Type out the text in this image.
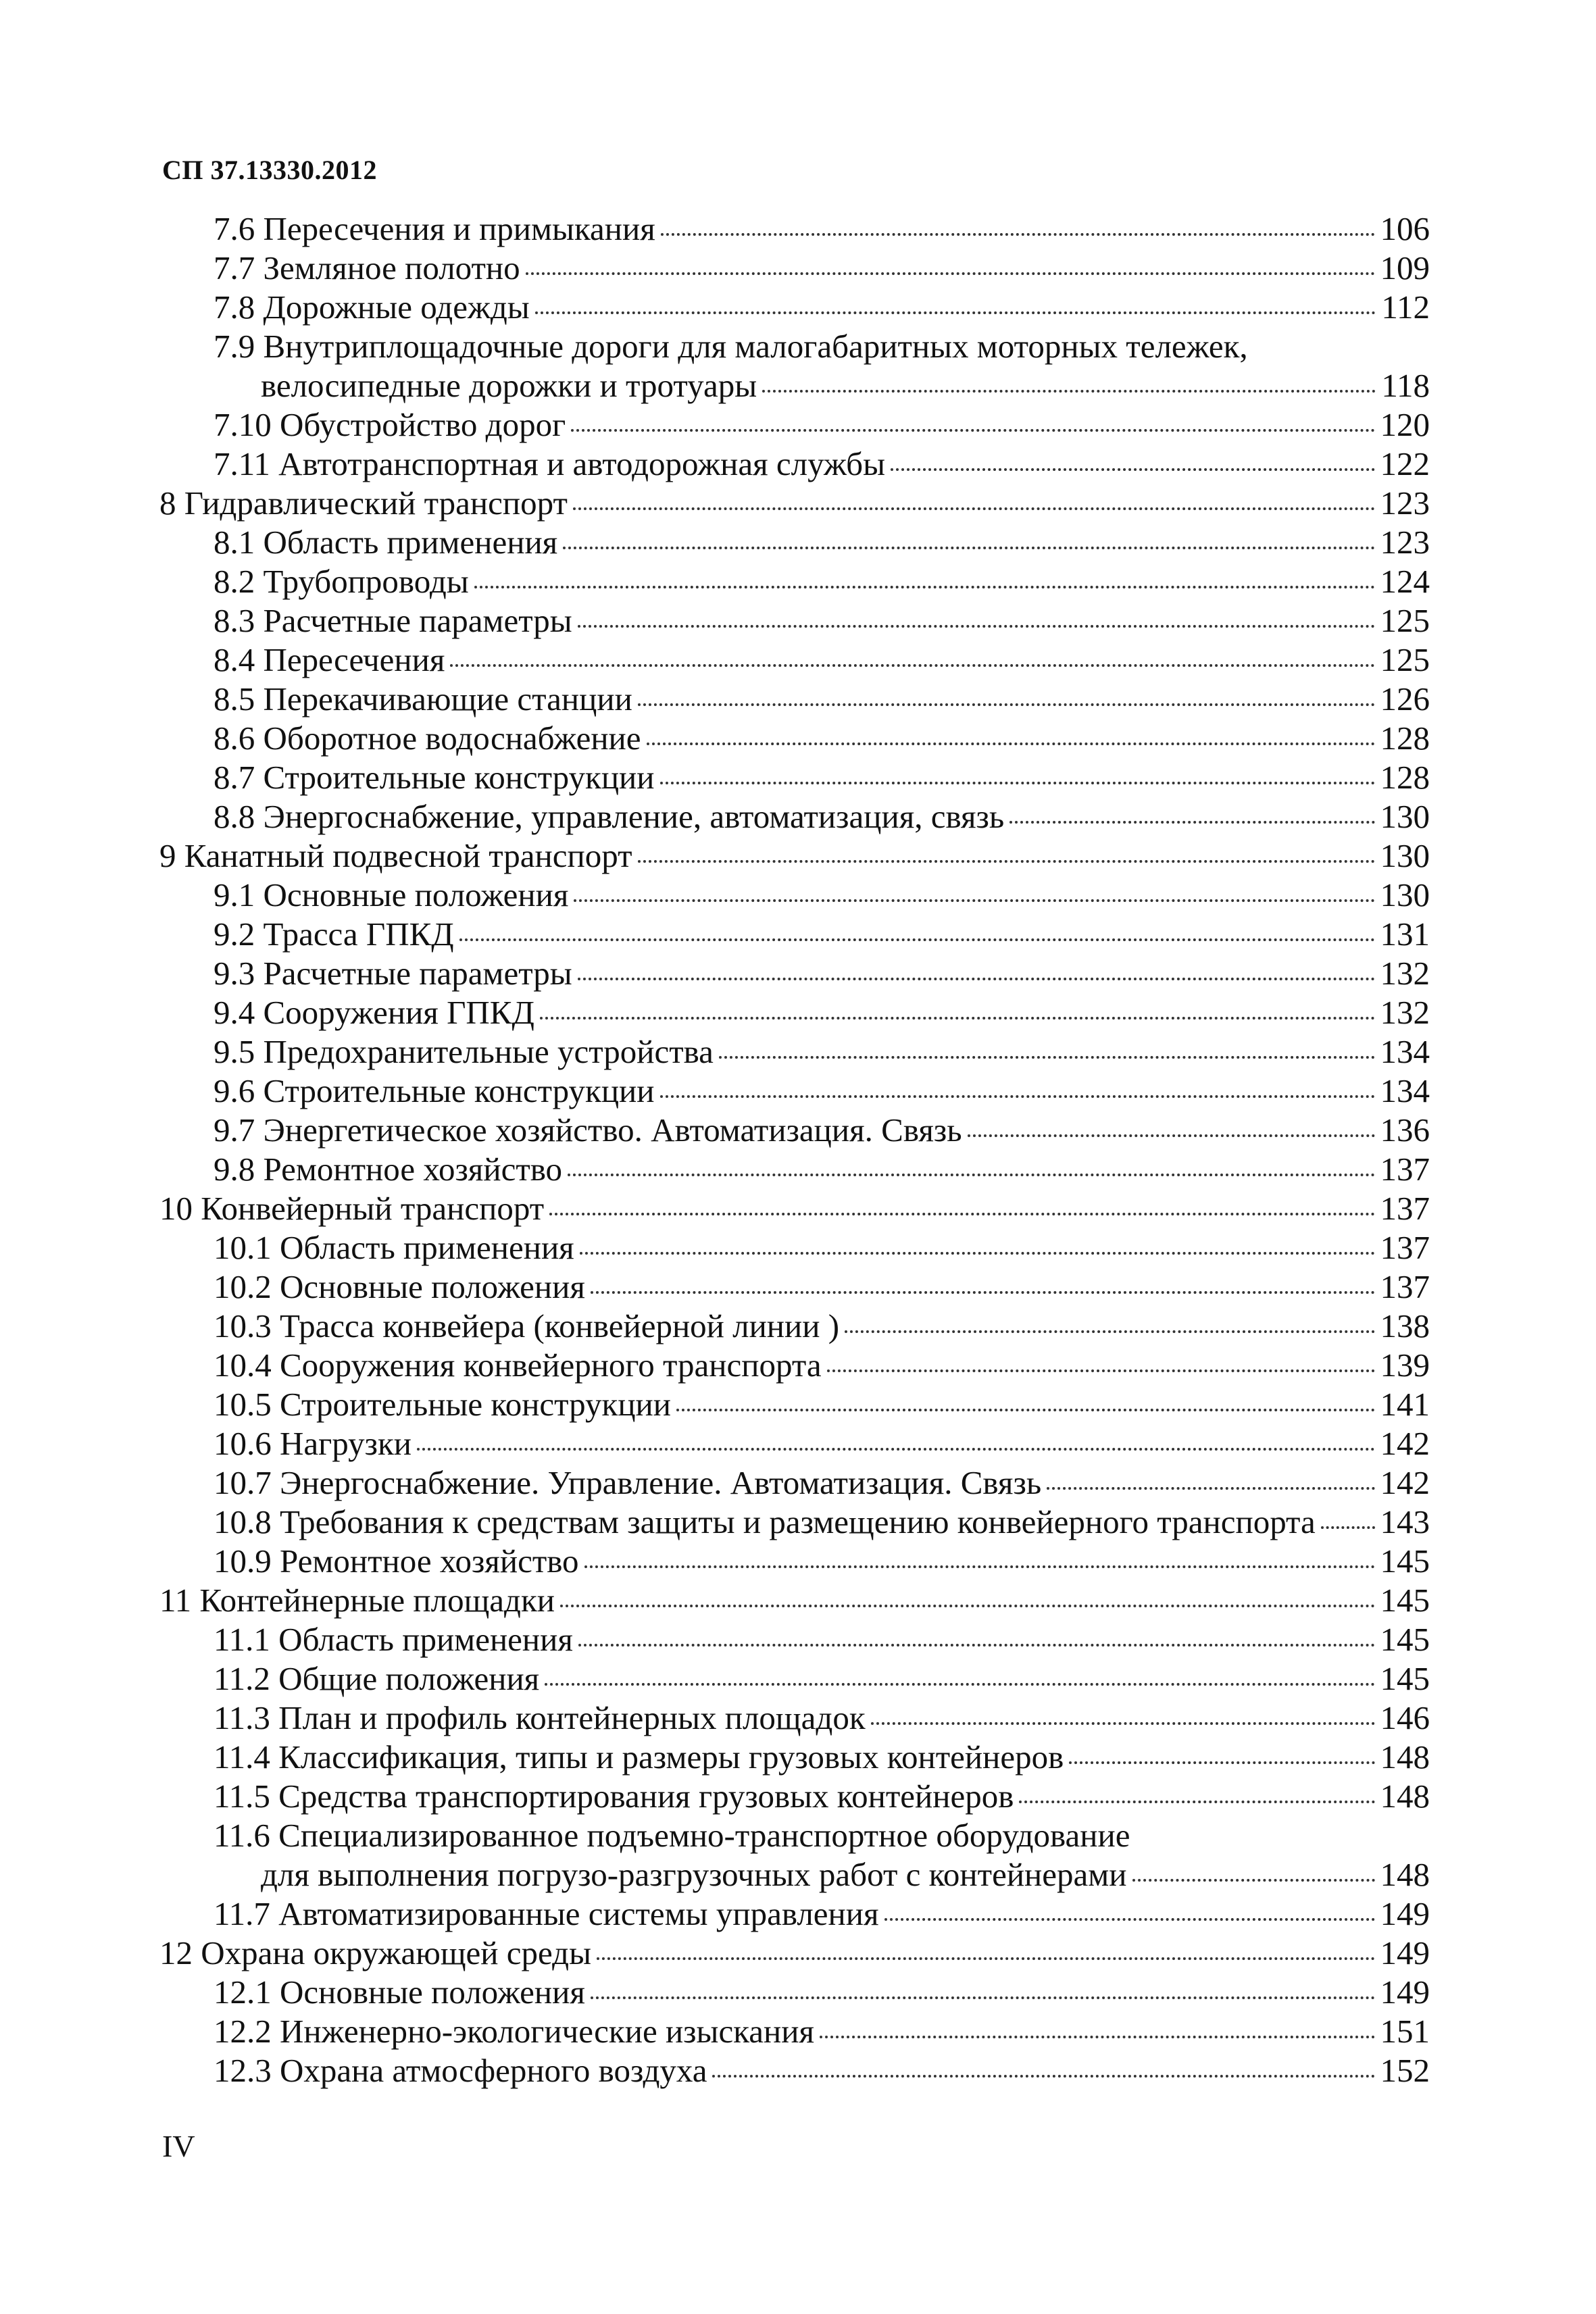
СП 37.13330.2012
7.6 Пересечения и примыкания	106
7.7 Земляное полотно	109
7.8 Дорожные одежды	112
7.9 Внутриплощадочные дороги для малогабаритных моторных тележек,
велосипедные дорожки и тротуары	118
7.10 Обустройство дорог	120
7.11 Автотранспортная и автодорожная службы	122
8 Гидравлический транспорт	123
8.1 Область применения	123
8.2 Трубопроводы	124
8.3 Расчетные параметры	125
8.4 Пересечения	125
8.5 Перекачивающие станции	126
8.6 Оборотное водоснабжение	128
8.7 Строительные конструкции	128
8.8 Энергоснабжение, управление, автоматизация, связь	130
9 Канатный подвесной транспорт	130
9.1 Основные положения	130
9.2 Трасса ГПКД	131
9.3 Расчетные параметры	132
9.4 Сооружения ГПКД	132
9.5 Предохранительные устройства	134
9.6 Строительные конструкции	134
9.7 Энергетическое хозяйство. Автоматизация. Связь	136
9.8 Ремонтное хозяйство	137
10 Конвейерный транспорт	137
10.1 Область применения	137
10.2 Основные положения	137
10.3 Трасса конвейера (конвейерной линии )	138
10.4 Сооружения конвейерного транспорта	139
10.5 Строительные конструкции	141
10.6 Нагрузки	142
10.7 Энергоснабжение. Управление. Автоматизация. Связь	142
10.8 Требования к средствам защиты и размещению конвейерного транспорта 143
10.9 Ремонтное хозяйство	145
11 Контейнерные площадки	145
11.1 Область применения	145
11.2 Общие положения	145
11.3 План и профиль контейнерных площадок	146
11.4 Классификация, типы и размеры грузовых контейнеров	148
11.5 Средства транспортирования грузовых контейнеров	148
11.6 Специализированное подъемно-транспортное оборудование
для выполнения погрузо-разгрузочных работ с контейнерами	148
11.7 Автоматизированные системы управления	149
12 Охрана окружающей среды	149
12.1 Основные положения	149
12.2 Инженерно-экологические изыскания	151
12.3 Охрана атмосферного воздуха	152
IV
